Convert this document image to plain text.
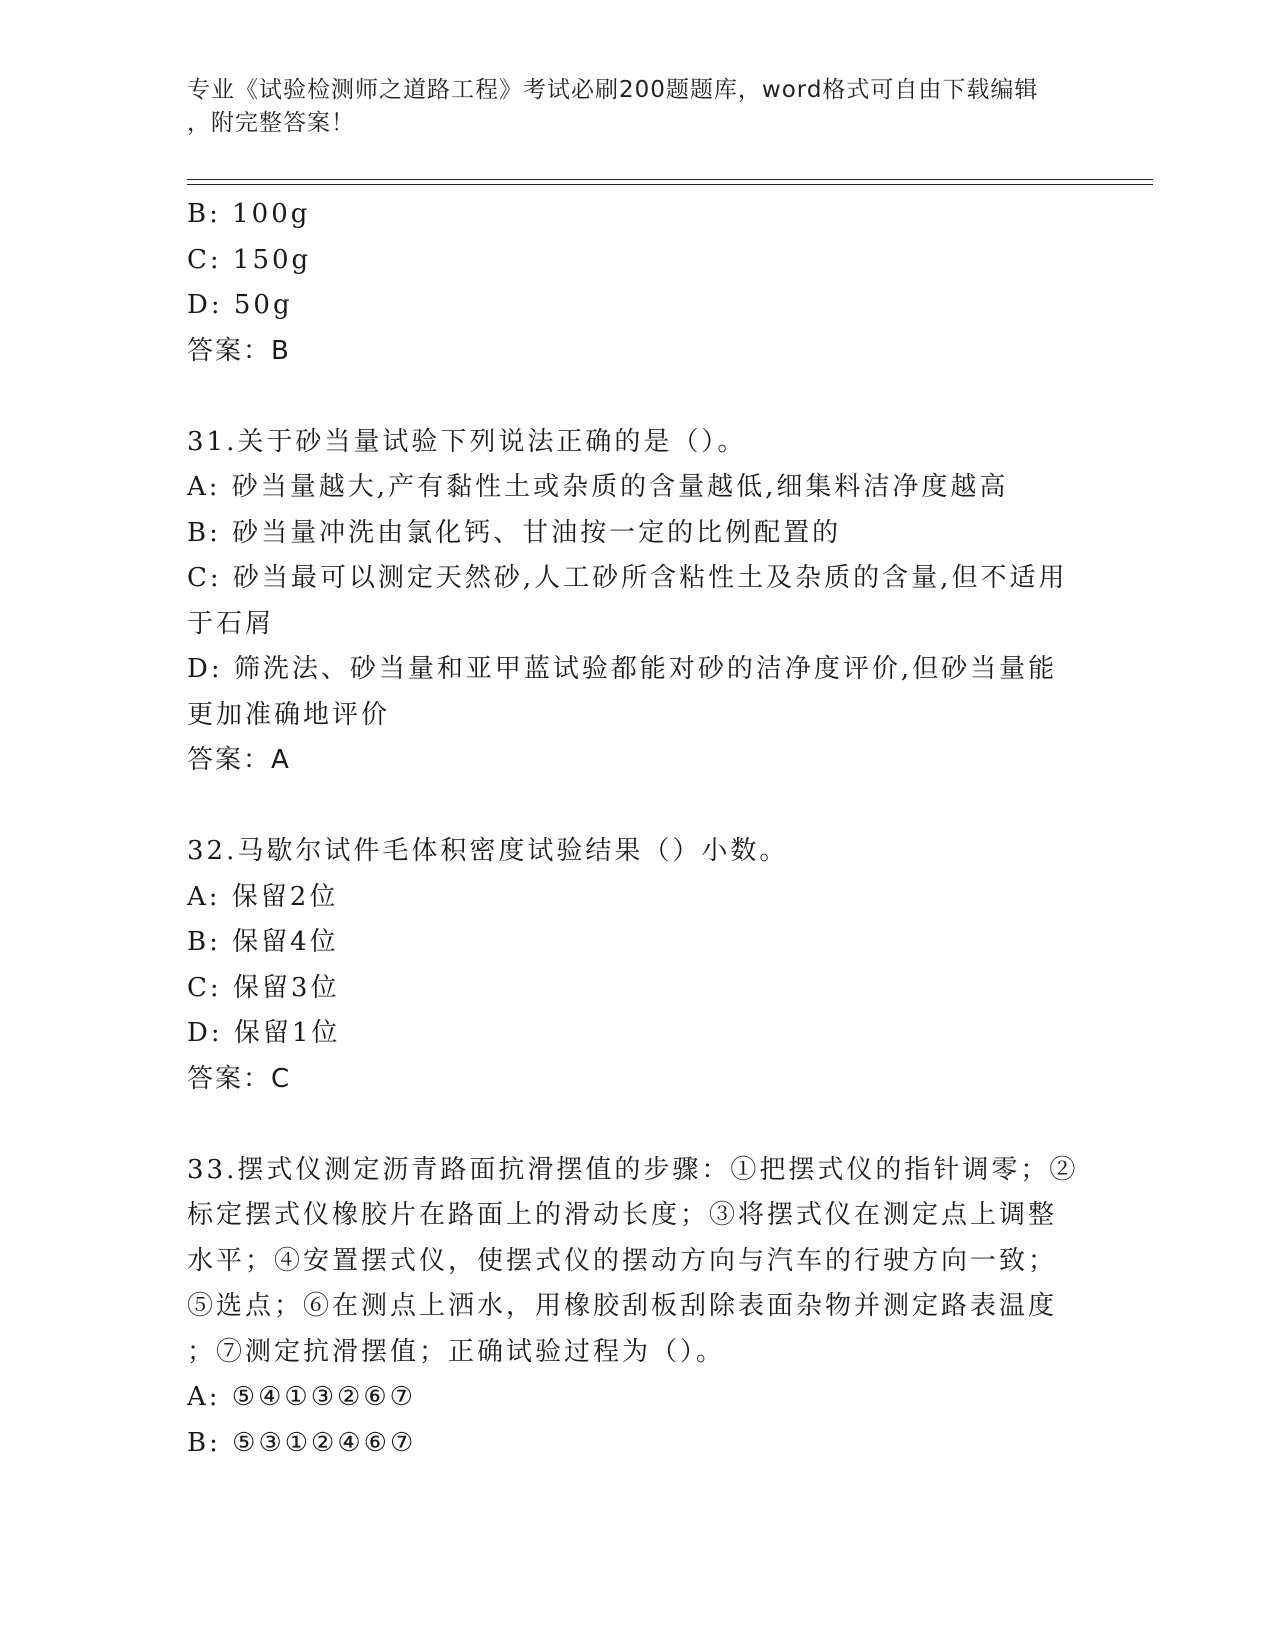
专业《试验检测师之道路工程》考试必刷200题题库，word格式可自由下载编辑
，附完整答案！

B: 100g

C: 150g

D: 50g

答案：B

31.关于砂当量试验下列说法正确的是（）。

A: 砂当量越大,产有黏性土或杂质的含量越低,细集料洁净度越高

B: 砂当量冲洗由氯化钙、甘油按一定的比例配置的

C: 砂当最可以测定天然砂,人工砂所含粘性土及杂质的含量,但不适用

于石屑

D: 筛洗法、砂当量和亚甲蓝试验都能对砂的洁净度评价,但砂当量能

更加准确地评价

答案：A

32.马歇尔试件毛体积密度试验结果（）小数。

A: 保留2位

B: 保留4位

C: 保留3位

D: 保留1位

答案：C

33.摆式仪测定沥青路面抗滑摆值的步骤：①把摆式仪的指针调零；②

标定摆式仪橡胶片在路面上的滑动长度；③将摆式仪在测定点上调整

水平；④安置摆式仪，使摆式仪的摆动方向与汽车的行驶方向一致；

⑤选点；⑥在测点上洒水，用橡胶刮板刮除表面杂物并测定路表温度

；⑦测定抗滑摆值；正确试验过程为（）。

A: ⑤④①③②⑥⑦

B: ⑤③①②④⑥⑦
